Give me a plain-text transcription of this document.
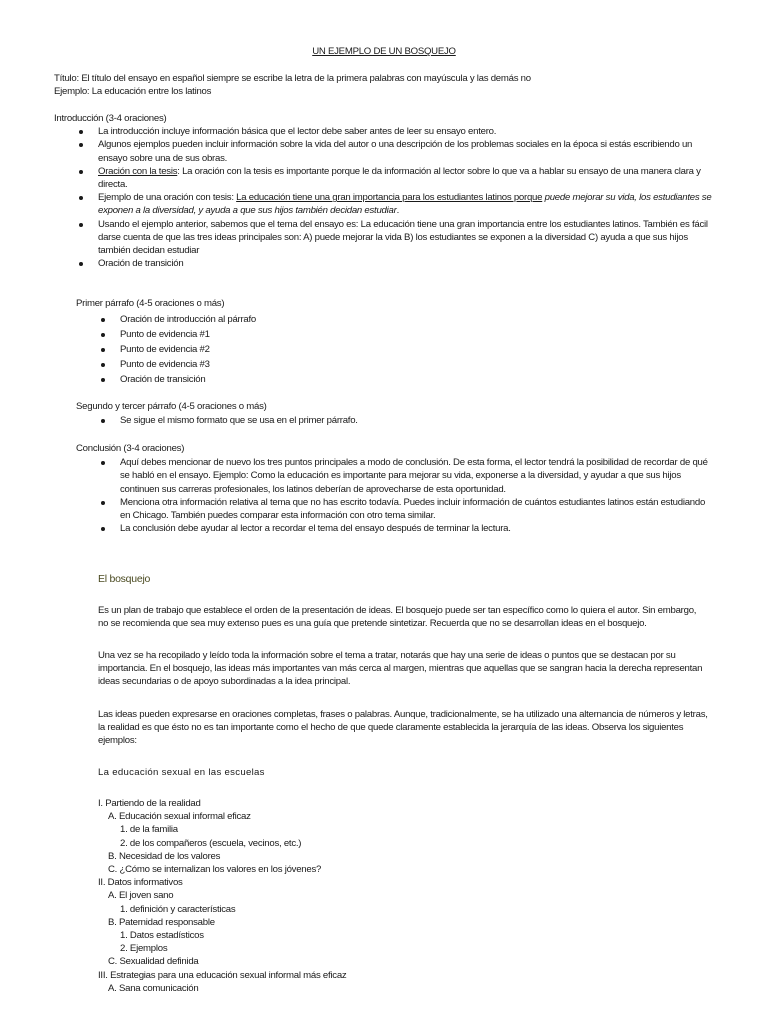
UN EJEMPLO DE UN BOSQUEJO

Título: El título del ensayo en español siempre se escribe la letra de la primera palabras con mayúscula y las demás no

Ejemplo: La educación entre los latinos

Introducción (3-4 oraciones)

La introducción incluye información básica que el lector debe saber antes de leer su ensayo entero.
Algunos ejemplos pueden incluir información sobre la vida del autor o una descripción de los problemas sociales en la época si estás escribiendo un ensayo sobre una de sus obras.
Oración con la tesis: La oración con la tesis es importante porque le da información al lector sobre lo que va a hablar su ensayo de una manera clara y directa.
Ejemplo de una oración con tesis: La educación tiene una gran importancia para los estudiantes latinos porque puede mejorar su vida, los estudiantes se exponen a la diversidad, y ayuda a que sus hijos también decidan estudiar.
Usando el ejemplo anterior, sabemos que el tema del ensayo es: La educación tiene una gran importancia entre los estudiantes latinos. También es fácil darse cuenta de que las tres ideas principales son: A) puede mejorar la vida B) los estudiantes se exponen a la diversidad C) ayuda a que sus hijos también decidan estudiar
Oración de transición

Primer párrafo (4-5 oraciones o más)

Oración de introducción al párrafo
Punto de evidencia #1
Punto de evidencia #2
Punto de evidencia #3
Oración de transición

Segundo y tercer párrafo (4-5 oraciones o más)

Se sigue el mismo formato que se usa en el primer párrafo.

Conclusión (3-4 oraciones)

Aquí debes mencionar de nuevo los tres puntos principales a modo de conclusión. De esta forma, el lector tendrá la posibilidad de recordar de qué se habló en el ensayo. Ejemplo: Como la educación es importante para mejorar su vida, exponerse a la diversidad, y ayudar a que sus hijos continuen sus carreras profesionales, los latinos deberían de aprovecharse de esta oportunidad.
Menciona otra información relativa al tema que no has escrito todavía. Puedes incluir información de cuántos estudiantes latinos están estudiando en Chicago. También puedes comparar esta información con otro tema similar.
La conclusión debe ayudar al lector a recordar el tema del ensayo después de terminar la lectura.
El bosquejo
Es un plan de trabajo que establece el orden de la presentación de ideas. El bosquejo puede ser tan específico como lo quiera el autor. Sin embargo, no se recomienda que sea muy extenso pues es una guía que pretende sintetizar. Recuerda que no se desarrollan ideas en el bosquejo.
Una vez se ha recopilado y leído toda la información sobre el tema a tratar, notarás que hay una serie de ideas o puntos que se destacan por su importancia. En el bosquejo, las ideas más importantes van más cerca al margen, mientras que aquellas que se sangran hacia la derecha representan ideas secundarias o de apoyo subordinadas a la idea principal.
Las ideas pueden expresarse en oraciones completas, frases o palabras. Aunque, tradicionalmente, se ha utilizado una alternancia de números y letras, la realidad es que ésto no es tan importante como el hecho de que quede claramente establecida la jerarquía de las ideas. Observa los siguientes ejemplos:
La educación sexual en las escuelas
I. Partiendo de la realidad
A. Educación sexual informal eficaz
1. de la familia
2. de los compañeros (escuela, vecinos, etc.)
B. Necesidad de los valores
C. ¿Cómo se internalizan los valores en los jóvenes?
II. Datos informativos
A. El joven sano
1. definición y características
B. Paternidad responsable
1. Datos estadísticos
2. Ejemplos
C. Sexualidad definida
III. Estrategias para una educación sexual informal más eficaz
A. Sana comunicación
